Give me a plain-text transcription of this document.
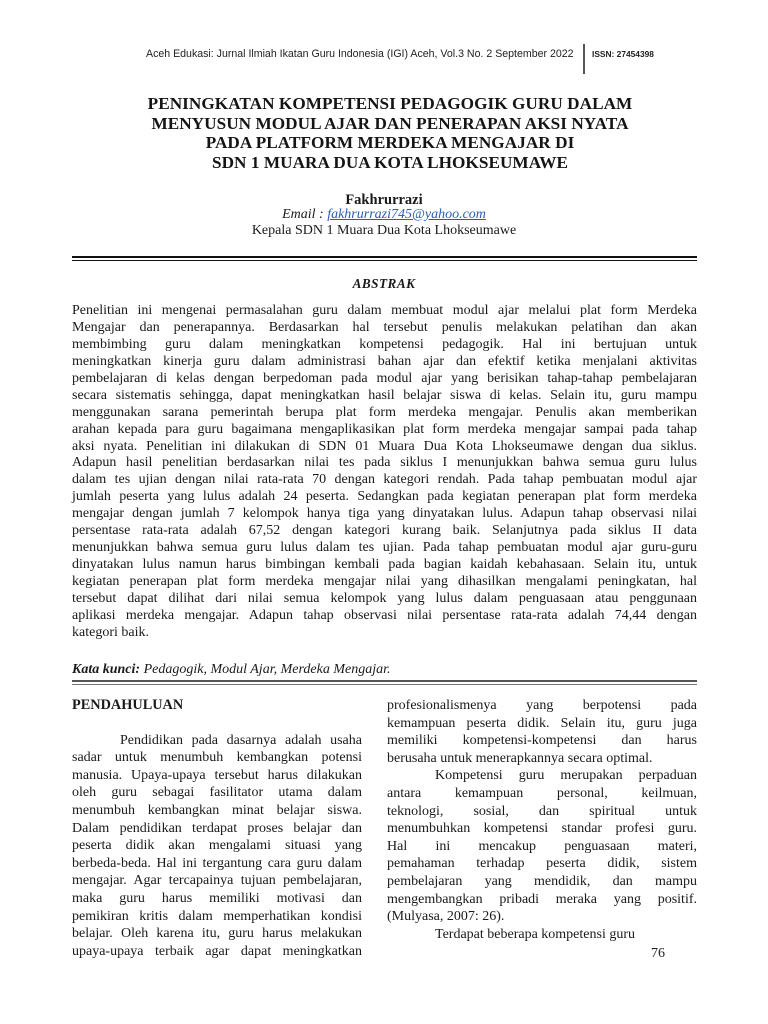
Aceh Edukasi: Jurnal Ilmiah Ikatan Guru Indonesia (IGI) Aceh, Vol.3 No. 2 September 2022 ISSN: 27454398
PENINGKATAN KOMPETENSI PEDAGOGIK GURU DALAM
MENYUSUN MODUL AJAR DAN PENERAPAN AKSI NYATA
PADA PLATFORM MERDEKA MENGAJAR DI
SDN 1 MUARA DUA KOTA LHOKSEUMAWE
Fakhrurrazi
Email : fakhrurrazi745@yahoo.com
Kepala SDN 1 Muara Dua Kota Lhokseumawe
ABSTRAK
Penelitian ini mengenai permasalahan guru dalam membuat modul ajar melalui plat form Merdeka
Mengajar dan penerapannya. Berdasarkan hal tersebut penulis melakukan pelatihan dan akan
membimbing guru dalam meningkatkan kompetensi pedagogik. Hal ini bertujuan untuk
meningkatkan kinerja guru dalam administrasi bahan ajar dan efektif ketika menjalani aktivitas
pembelajaran di kelas dengan berpedoman pada modul ajar yang berisikan tahap-tahap pembelajaran
secara sistematis sehingga, dapat meningkatkan hasil belajar siswa di kelas. Selain itu, guru mampu
menggunakan sarana pemerintah berupa plat form merdeka mengajar. Penulis akan memberikan
arahan kepada para guru bagaimana mengaplikasikan plat form merdeka mengajar sampai pada tahap
aksi nyata. Penelitian ini dilakukan di SDN 01 Muara Dua Kota Lhokseumawe dengan dua siklus.
Adapun hasil penelitian berdasarkan nilai tes pada siklus I menunjukkan bahwa semua guru lulus
dalam tes ujian dengan nilai rata-rata 70 dengan kategori rendah. Pada tahap pembuatan modul ajar
jumlah peserta yang lulus adalah 24 peserta. Sedangkan pada kegiatan penerapan plat form merdeka
mengajar dengan jumlah 7 kelompok hanya tiga yang dinyatakan lulus. Adapun tahap observasi nilai
persentase rata-rata adalah 67,52 dengan kategori kurang baik. Selanjutnya pada siklus II data
menunjukkan bahwa semua guru lulus dalam tes ujian. Pada tahap pembuatan modul ajar guru-guru
dinyatakan lulus namun harus bimbingan kembali pada bagian kaidah kebahasaan. Selain itu, untuk
kegiatan penerapan plat form merdeka mengajar nilai yang dihasilkan mengalami peningkatan, hal
tersebut dapat dilihat dari nilai semua kelompok yang lulus dalam penguasaan atau penggunaan
aplikasi merdeka mengajar. Adapun tahap observasi nilai persentase rata-rata adalah 74,44 dengan
kategori baik.
Kata kunci: Pedagogik, Modul Ajar, Merdeka Mengajar.
PENDAHULUAN
Pendidikan pada dasarnya adalah usaha
sadar untuk menumbuh kembangkan potensi
manusia. Upaya-upaya tersebut harus dilakukan
oleh guru sebagai fasilitator utama dalam
menumbuh kembangkan minat belajar siswa.
Dalam pendidikan terdapat proses belajar dan
peserta didik akan mengalami situasi yang
berbeda-beda. Hal ini tergantung cara guru dalam
mengajar. Agar tercapainya tujuan pembelajaran,
maka guru harus memiliki motivasi dan
pemikiran kritis dalam memperhatikan kondisi
belajar. Oleh karena itu, guru harus melakukan
upaya-upaya terbaik agar dapat meningkatkan
profesionalismenya yang berpotensi pada
kemampuan peserta didik. Selain itu, guru juga
memiliki kompetensi-kompetensi dan harus
berusaha untuk menerapkannya secara optimal.
Kompetensi guru merupakan perpaduan
antara kemampuan personal, keilmuan,
teknologi, sosial, dan spiritual untuk
menumbuhkan kompetensi standar profesi guru.
Hal ini mencakup penguasaan materi,
pemahaman terhadap peserta didik, sistem
pembelajaran yang mendidik, dan mampu
mengembangkan pribadi meraka yang positif.
(Mulyasa, 2007: 26).
Terdapat beberapa kompetensi guru
76
